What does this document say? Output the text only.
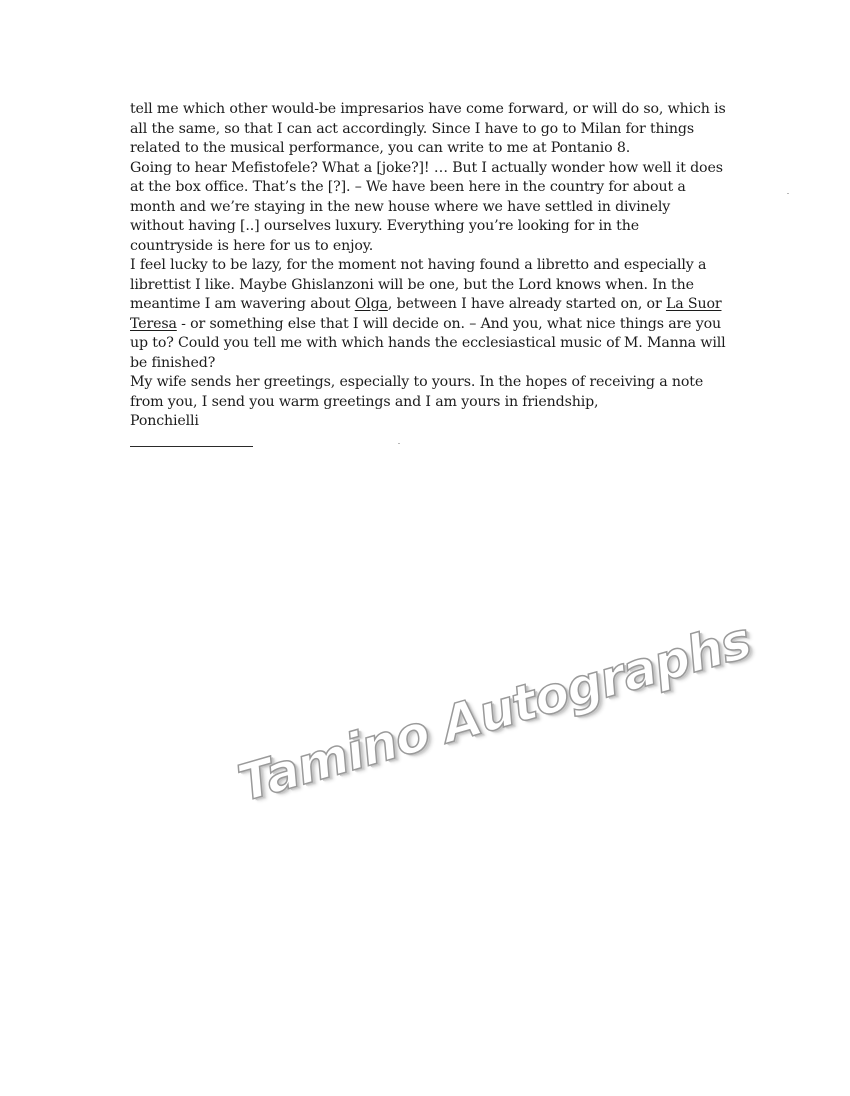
tell me which other would-be impresarios have come forward, or will do so, which is
all the same, so that I can act accordingly. Since I have to go to Milan for things
related to the musical performance, you can write to me at Pontanio 8.
Going to hear Mefistofele? What a [joke?]! … But I actually wonder how well it does
at the box office. That’s the [?]. – We have been here in the country for about a
month and we’re staying in the new house where we have settled in divinely
without having [..] ourselves luxury. Everything you’re looking for in the
countryside is here for us to enjoy.
I feel lucky to be lazy, for the moment not having found a libretto and especially a
librettist I like. Maybe Ghislanzoni will be one, but the Lord knows when. In the
meantime I am wavering about Olga, between I have already started on, or La Suor
Teresa - or something else that I will decide on. – And you, what nice things are you
up to? Could you tell me with which hands the ecclesiastical music of M. Manna will
be finished?
My wife sends her greetings, especially to yours. In the hopes of receiving a note
from you, I send you warm greetings and I am yours in friendship,
Ponchielli
Tamino Autographs
